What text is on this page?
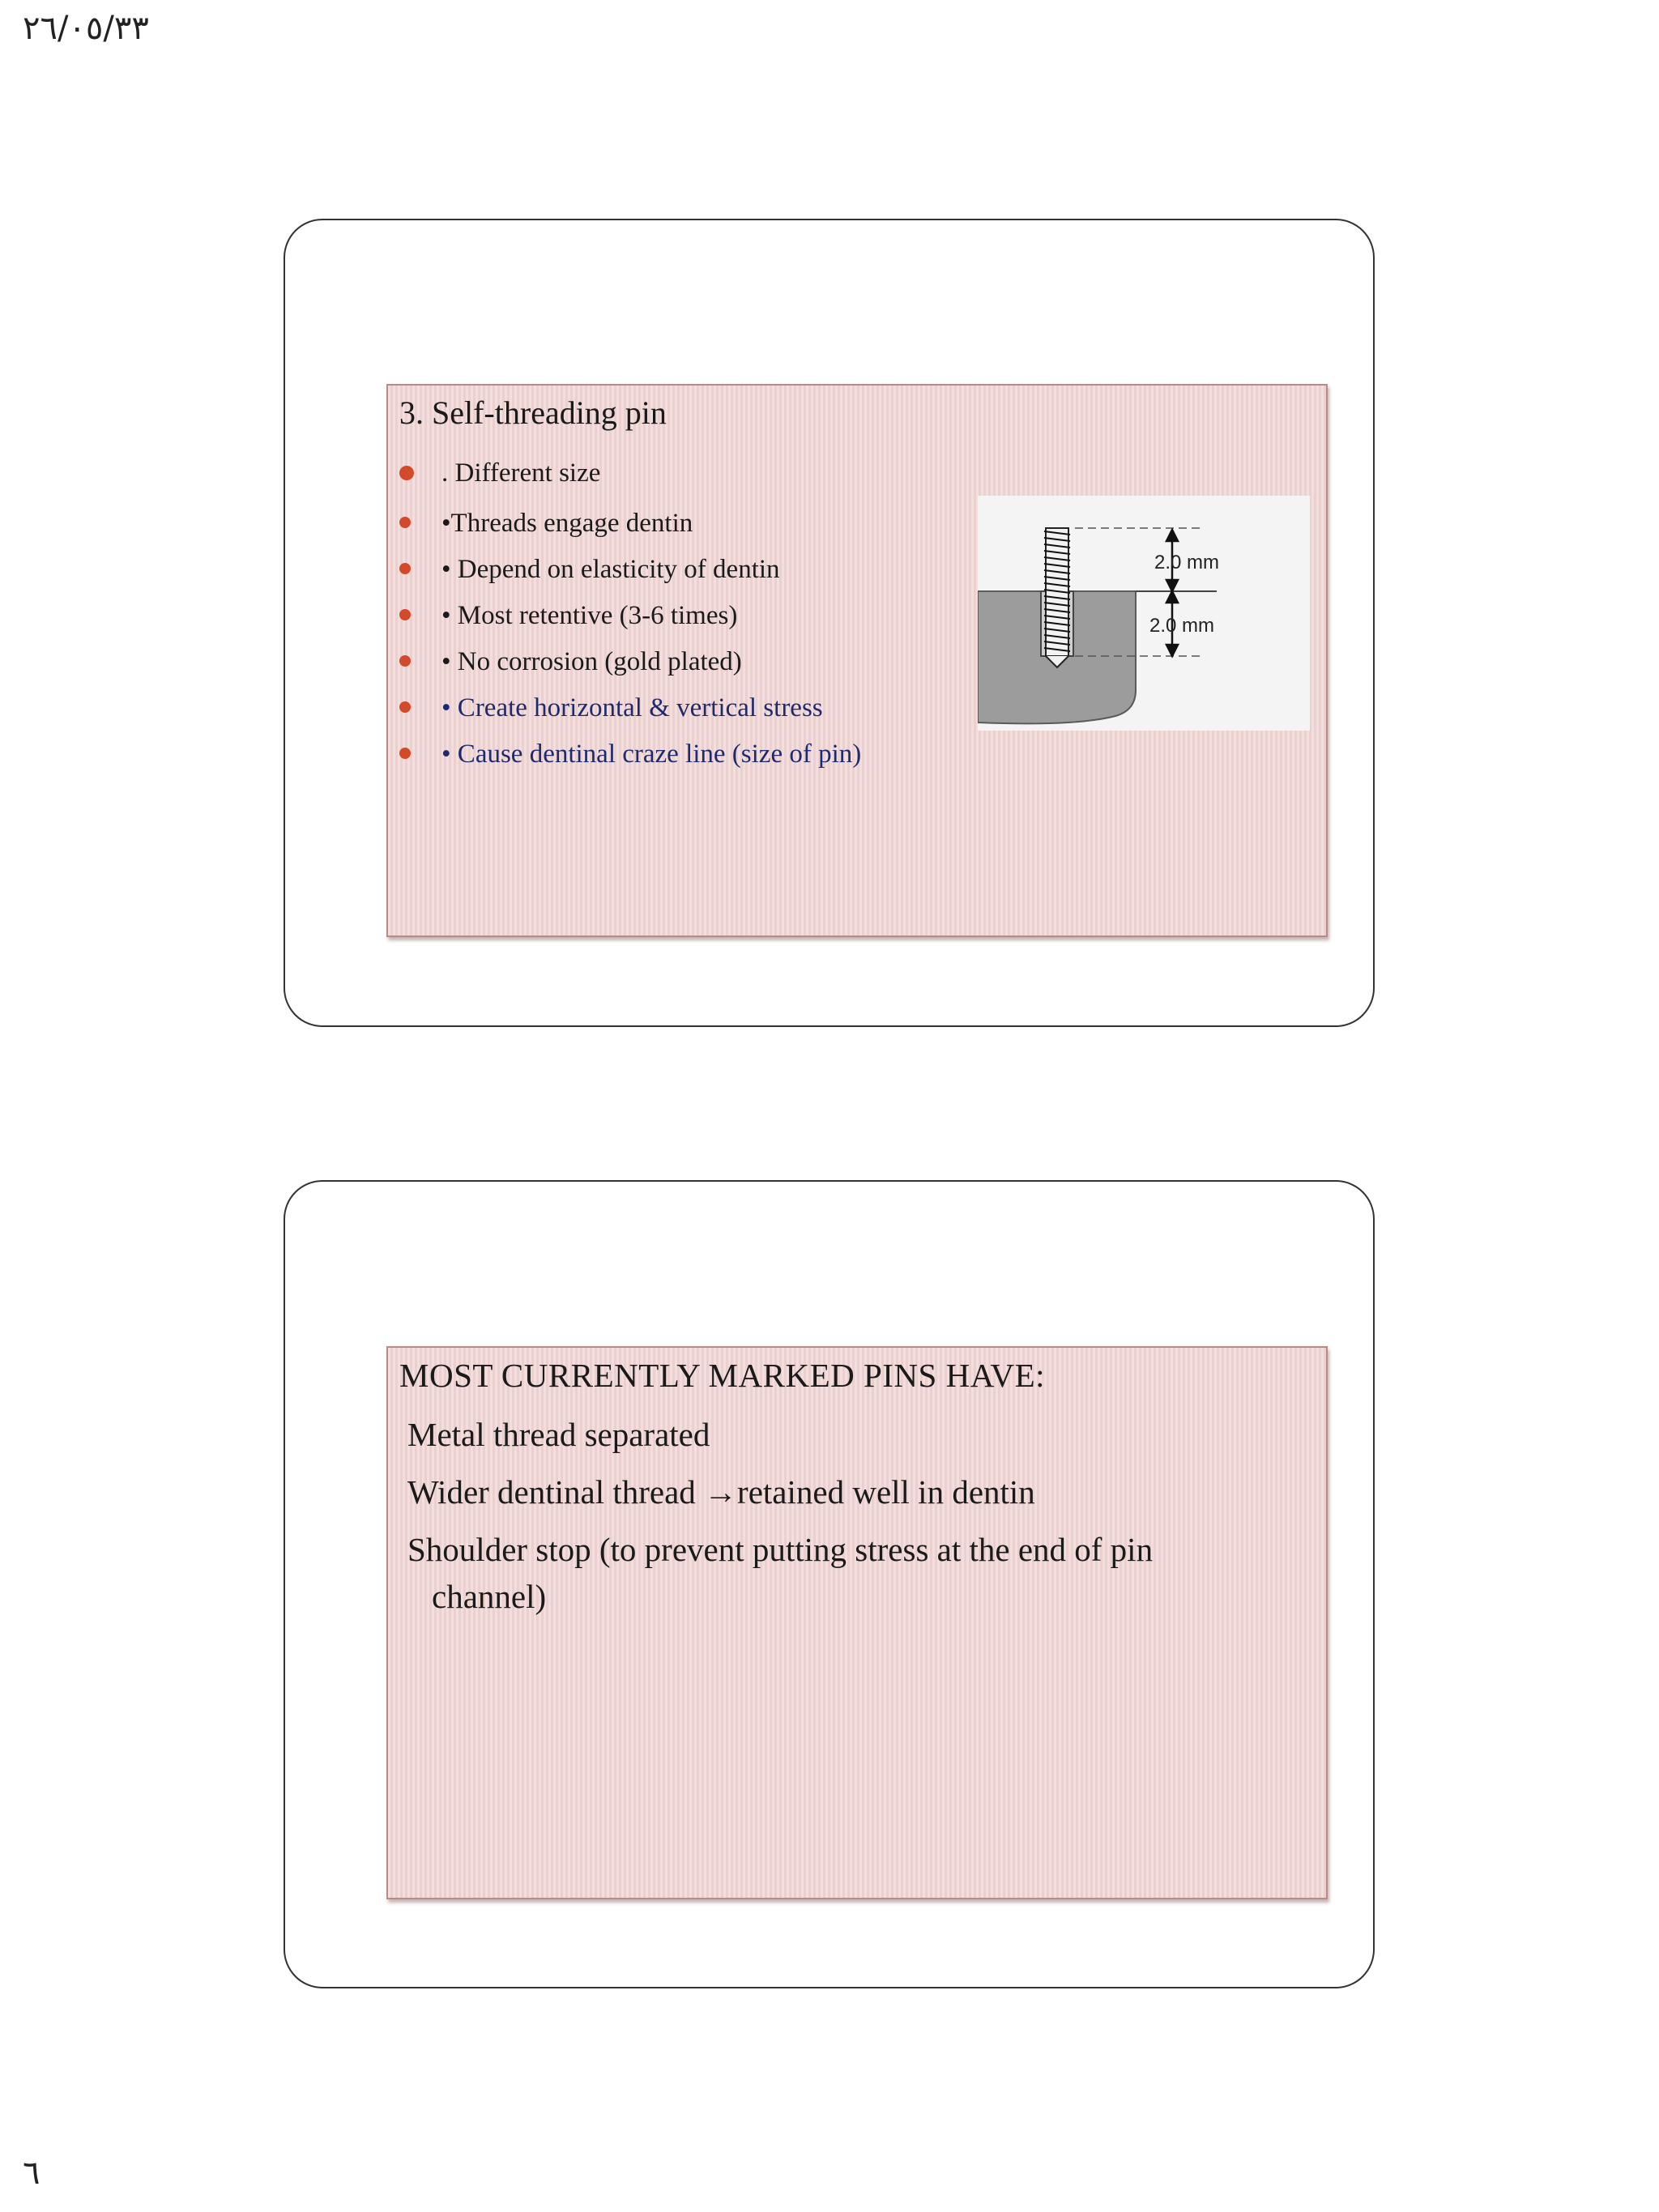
٢٦/٠٥/٣٣
3. Self-threading pin
. Different size
•Threads engage dentin
• Depend on elasticity of dentin
• Most retentive (3-6 times)
• No corrosion (gold plated)
• Create horizontal & vertical stress
• Cause dentinal craze line (size of pin)
2.0 mm
2.0 mm
MOST CURRENTLY MARKED PINS HAVE:
Metal thread separated
Wider dentinal thread →retained well in dentin
Shoulder stop (to prevent putting stress at the end of pin
channel)
٦
